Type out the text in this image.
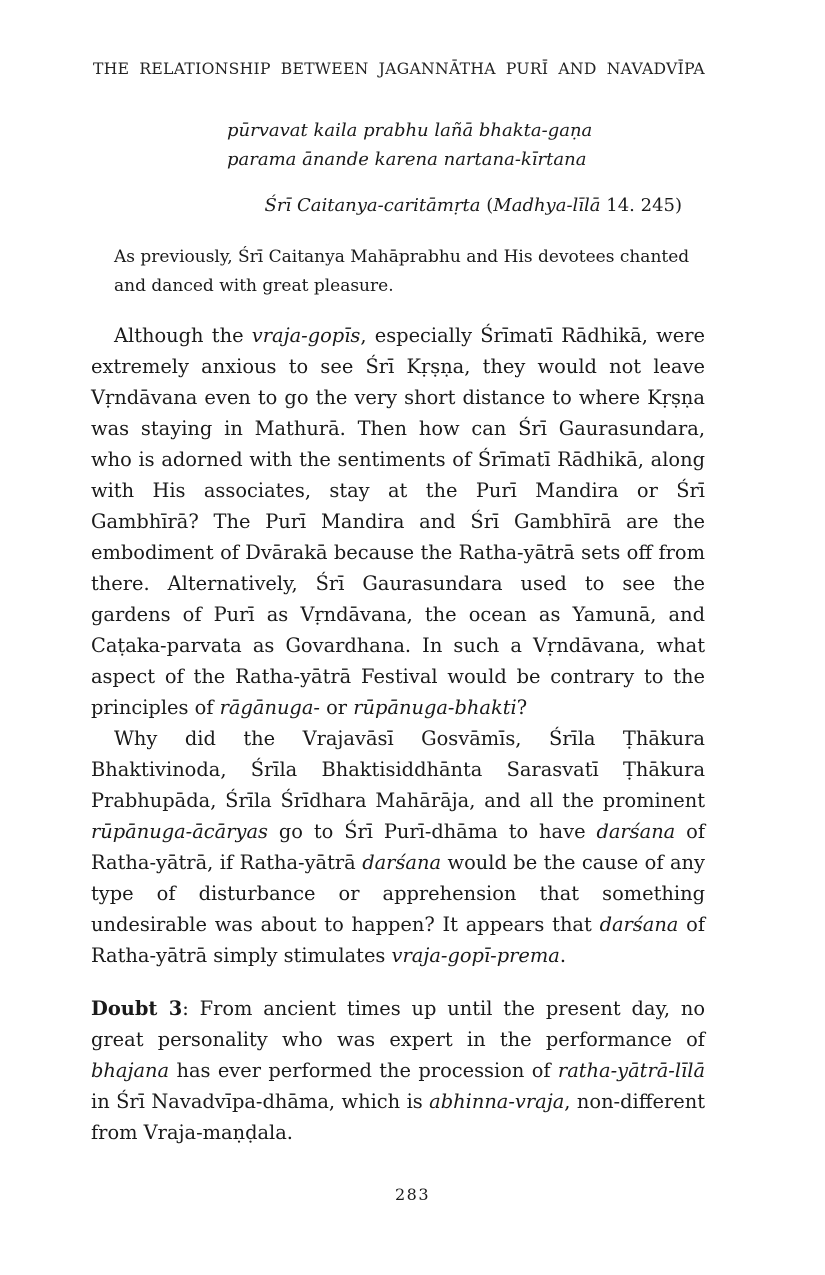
THE RELATIONSHIP BETWEEN JAGANNĀTHA PURĪ AND NAVADVĪPA
pūrvavat kaila prabhu lañā bhakta-gaṇa
parama ānande karena nartana-kīrtana
Śrī Caitanya-caritāmṛta (Madhya-līlā 14. 245)
As previously, Śrī Caitanya Mahāprabhu and His devotees chanted and danced with great pleasure.

Although the vraja-gopīs, especially Śrīmatī Rādhikā, were extremely anxious to see Śrī Kṛṣṇa, they would not leave Vṛndāvana even to go the very short distance to where Kṛṣṇa was staying in Mathurā. Then how can Śrī Gaurasundara, who is adorned with the sentiments of Śrīmatī Rādhikā, along with His associates, stay at the Purī Mandira or Śrī Gambhīrā? The Purī Mandira and Śrī Gambhīrā are the embodiment of Dvārakā because the Ratha-yātrā sets off from there. Alternatively, Śrī Gaurasundara used to see the gardens of Purī as Vṛndāvana, the ocean as Yamunā, and Caṭaka-parvata as Govardhana. In such a Vṛndāvana, what aspect of the Ratha-yātrā Festival would be contrary to the principles of rāgānuga- or rūpānuga-bhakti?

Why did the Vrajavāsī Gosvāmīs, Śrīla Ṭhākura Bhaktivinoda, Śrīla Bhaktisiddhānta Sarasvatī Ṭhākura Prabhupāda, Śrīla Śrīdhara Mahārāja, and all the prominent rūpānuga-ācāryas go to Śrī Purī-dhāma to have darśana of Ratha-yātrā, if Ratha-yātrā darśana would be the cause of any type of disturbance or apprehension that something undesirable was about to happen? It appears that darśana of Ratha-yātrā simply stimulates vraja-gopī-prema.

Doubt 3: From ancient times up until the present day, no great personality who was expert in the performance of bhajana has ever performed the procession of ratha-yātrā-līlā in Śrī Navadvīpa-dhāma, which is abhinna-vraja, non-different from Vraja-maṇḍala.

283
